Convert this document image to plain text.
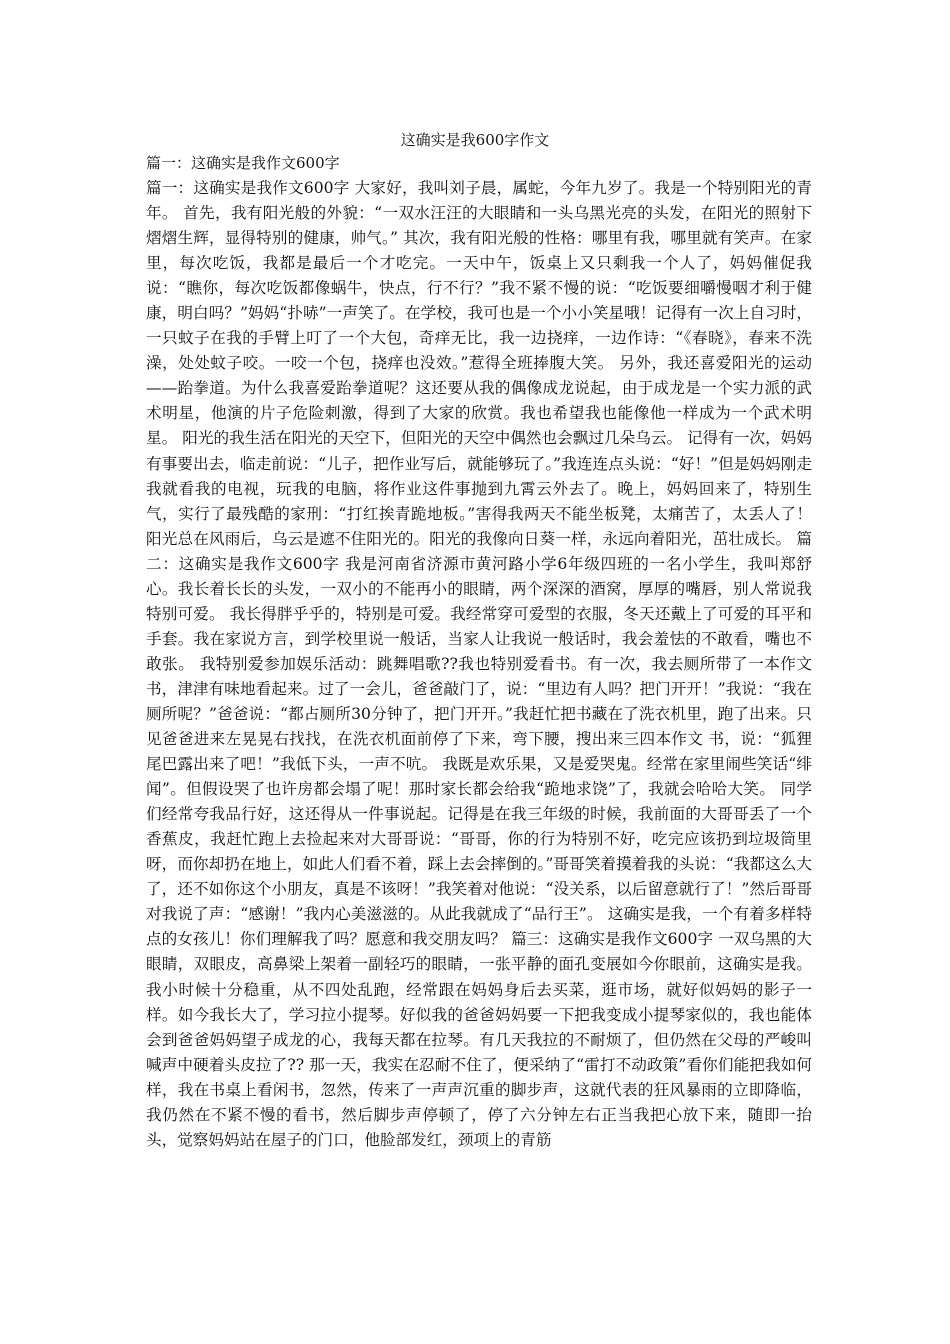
这确实是我600字作文
篇一：这确实是我作文600字

篇一：这确实是我作文600字 大家好，我叫刘子晨，属蛇，今年九岁了。我是一个特别阳光的青年。 首先，我有阳光般的外貌：“一双水汪汪的大眼睛和一头乌黑光亮的头发，在阳光的照射下熠熠生辉，显得特别的健康，帅气。” 其次，我有阳光般的性格：哪里有我，哪里就有笑声。在家里，每次吃饭，我都是最后一个才吃完。一天中午，饭桌上又只剩我一个人了，妈妈催促我说：“瞧你，每次吃饭都像蜗牛，快点，行不行？”我不紧不慢的说：“吃饭要细嚼慢咽才利于健康，明白吗？”妈妈“扑哧”一声笑了。在学校，我可也是一个小小笑星哦！记得有一次上自习时，一只蚊子在我的手臂上叮了一个大包，奇痒无比，我一边挠痒，一边作诗：“《春晓》，春来不洗澡，处处蚊子咬。一咬一个包，挠痒也没效。”惹得全班捧腹大笑。 另外，我还喜爱阳光的运动——跆拳道。为什么我喜爱跆拳道呢？这还要从我的偶像成龙说起，由于成龙是一个实力派的武术明星，他演的片子危险刺激，得到了大家的欣赏。我也希望我也能像他一样成为一个武术明星。 阳光的我生活在阳光的天空下，但阳光的天空中偶然也会飘过几朵乌云。 记得有一次，妈妈有事要出去，临走前说：“儿子，把作业写后，就能够玩了。”我连连点头说：“好！”但是妈妈刚走我就看我的电视，玩我的电脑，将作业这件事抛到九霄云外去了。晚上，妈妈回来了，特别生气，实行了最残酷的家刑：“打红挨青跪地板。”害得我两天不能坐板凳，太痛苦了，太丢人了！ 阳光总在风雨后，乌云是遮不住阳光的。阳光的我像向日葵一样，永远向着阳光，茁壮成长。 篇二：这确实是我作文600字 我是河南省济源市黄河路小学6年级四班的一名小学生，我叫郑舒心。我长着长长的头发，一双小的不能再小的眼睛，两个深深的酒窝，厚厚的嘴唇，别人常说我特别可爱。 我长得胖乎乎的，特别是可爱。我经常穿可爱型的衣服，冬天还戴上了可爱的耳平和手套。我在家说方言，到学校里说一般话，当家人让我说一般话时，我会羞怯的不敢看，嘴也不敢张。 我特别爱参加娱乐活动：跳舞唱歌??我也特别爱看书。有一次，我去厕所带了一本作文 书，津津有味地看起来。过了一会儿，爸爸敲门了，说：“里边有人吗？把门开开！”我说：“我在厕所呢？”爸爸说：“都占厕所30分钟了，把门开开。”我赶忙把书藏在了洗衣机里，跑了出来。只见爸爸进来左晃晃右找找，在洗衣机面前停了下来，弯下腰，搜出来三四本作文 书，说：“狐狸尾巴露出来了吧！”我低下头，一声不吭。 我既是欢乐果，又是爱哭鬼。经常在家里闹些笑话“绯闻”。但假设哭了也许房都会塌了呢！那时家长都会给我“跪地求饶”了，我就会哈哈大笑。 同学们经常夸我品行好，这还得从一件事说起。记得是在我三年级的时候，我前面的大哥哥丢了一个香蕉皮，我赶忙跑上去捡起来对大哥哥说：“哥哥，你的行为特别不好，吃完应该扔到垃圾筒里呀，而你却扔在地上，如此人们看不着，踩上去会摔倒的。”哥哥笑着摸着我的头说：“我都这么大了，还不如你这个小朋友，真是不该呀！”我笑着对他说：“没关系，以后留意就行了！”然后哥哥对我说了声：“感谢！”我内心美滋滋的。从此我就成了“品行王”。 这确实是我，一个有着多样特点的女孩儿！你们理解我了吗？愿意和我交朋友吗？ 篇三：这确实是我作文600字 一双乌黑的大眼睛，双眼皮，高鼻梁上架着一副轻巧的眼睛，一张平静的面孔变展如今你眼前，这确实是我。 我小时候十分稳重，从不四处乱跑，经常跟在妈妈身后去买菜，逛市场，就好似妈妈的影子一样。如今我长大了，学习拉小提琴。好似我的爸爸妈妈要一下把我变成小提琴家似的，我也能体会到爸爸妈妈望子成龙的心，我每天都在拉琴。有几天我拉的不耐烦了，但仍然在父母的严峻叫喊声中硬着头皮拉了?? 那一天，我实在忍耐不住了，便采纳了“雷打不动政策”看你们能把我如何样，我在书桌上看闲书，忽然，传来了一声声沉重的脚步声，这就代表的狂风暴雨的立即降临，我仍然在不紧不慢的看书，然后脚步声停顿了，停了六分钟左右正当我把心放下来，随即一抬头，觉察妈妈站在屋子的门口，他脸部发红，颈项上的青筋
